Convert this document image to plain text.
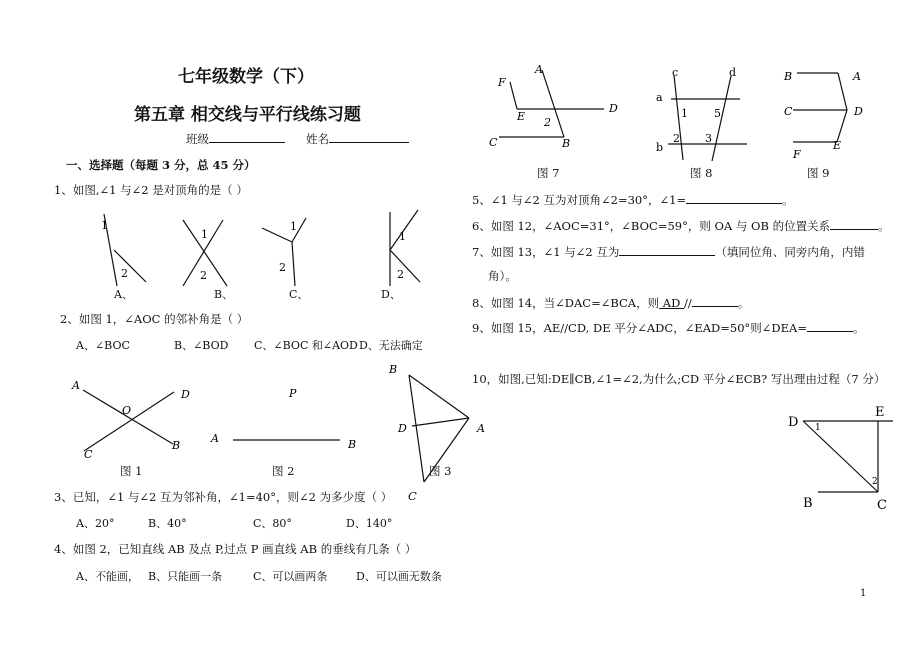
七年级数学（下）
第五章 相交线与平行线练习题
班级	姓名
一、选择题（每题 3 分，总 45 分）
1、如图,∠1 与∠2 是对顶角的是（ ）
1
2
1
2
1
2
1
2
A、	B、	C、	D、
2、如图 1，∠AOC 的邻补角是（ ）
A、∠BOC	B、∠BOD C、∠BOC 和∠AOD D、无法确定
A
D
O
B
C
P
A	B
B
D	A
图 1	图 2	图 3
3、已知，∠1 与∠2 互为邻补角，∠1=40°，则∠2 为多少度（ ） C
A、20°	B、40°	C、80°	D、140°
4、如图 2，已知直线 AB 及点 P,过点 P 画直线 AB 的垂线有几条（ ）
A、不能画， B、只能画一条	C、可以画两条	D、可以画无数条
A
F
E
D
C	B
2
c	d
a
b
1 5
2 3
B	A
C	D
F
E
图 7	图 8	图 9
5、∠1 与∠2 互为对顶角∠2=30°，∠1=	。
6、如图 12，∠AOC=31°，∠BOC=59°，则 OA 与 OB 的位置关系	。
7、如图 13，∠1 与∠2 互为	（填同位角、同旁内角，内错
角）。
8、如图 14，当∠DAC=∠BCA，则 AD //	。
9、如图 15，AE//CD, DE 平分∠ADC，∠EAD=50°则∠DEA=	。
10，如图,已知:DE∥CB,∠1=∠2,为什么;CD 平分∠ECB? 写出理由过程（7 分）
D
E
B	C
1
2
1
